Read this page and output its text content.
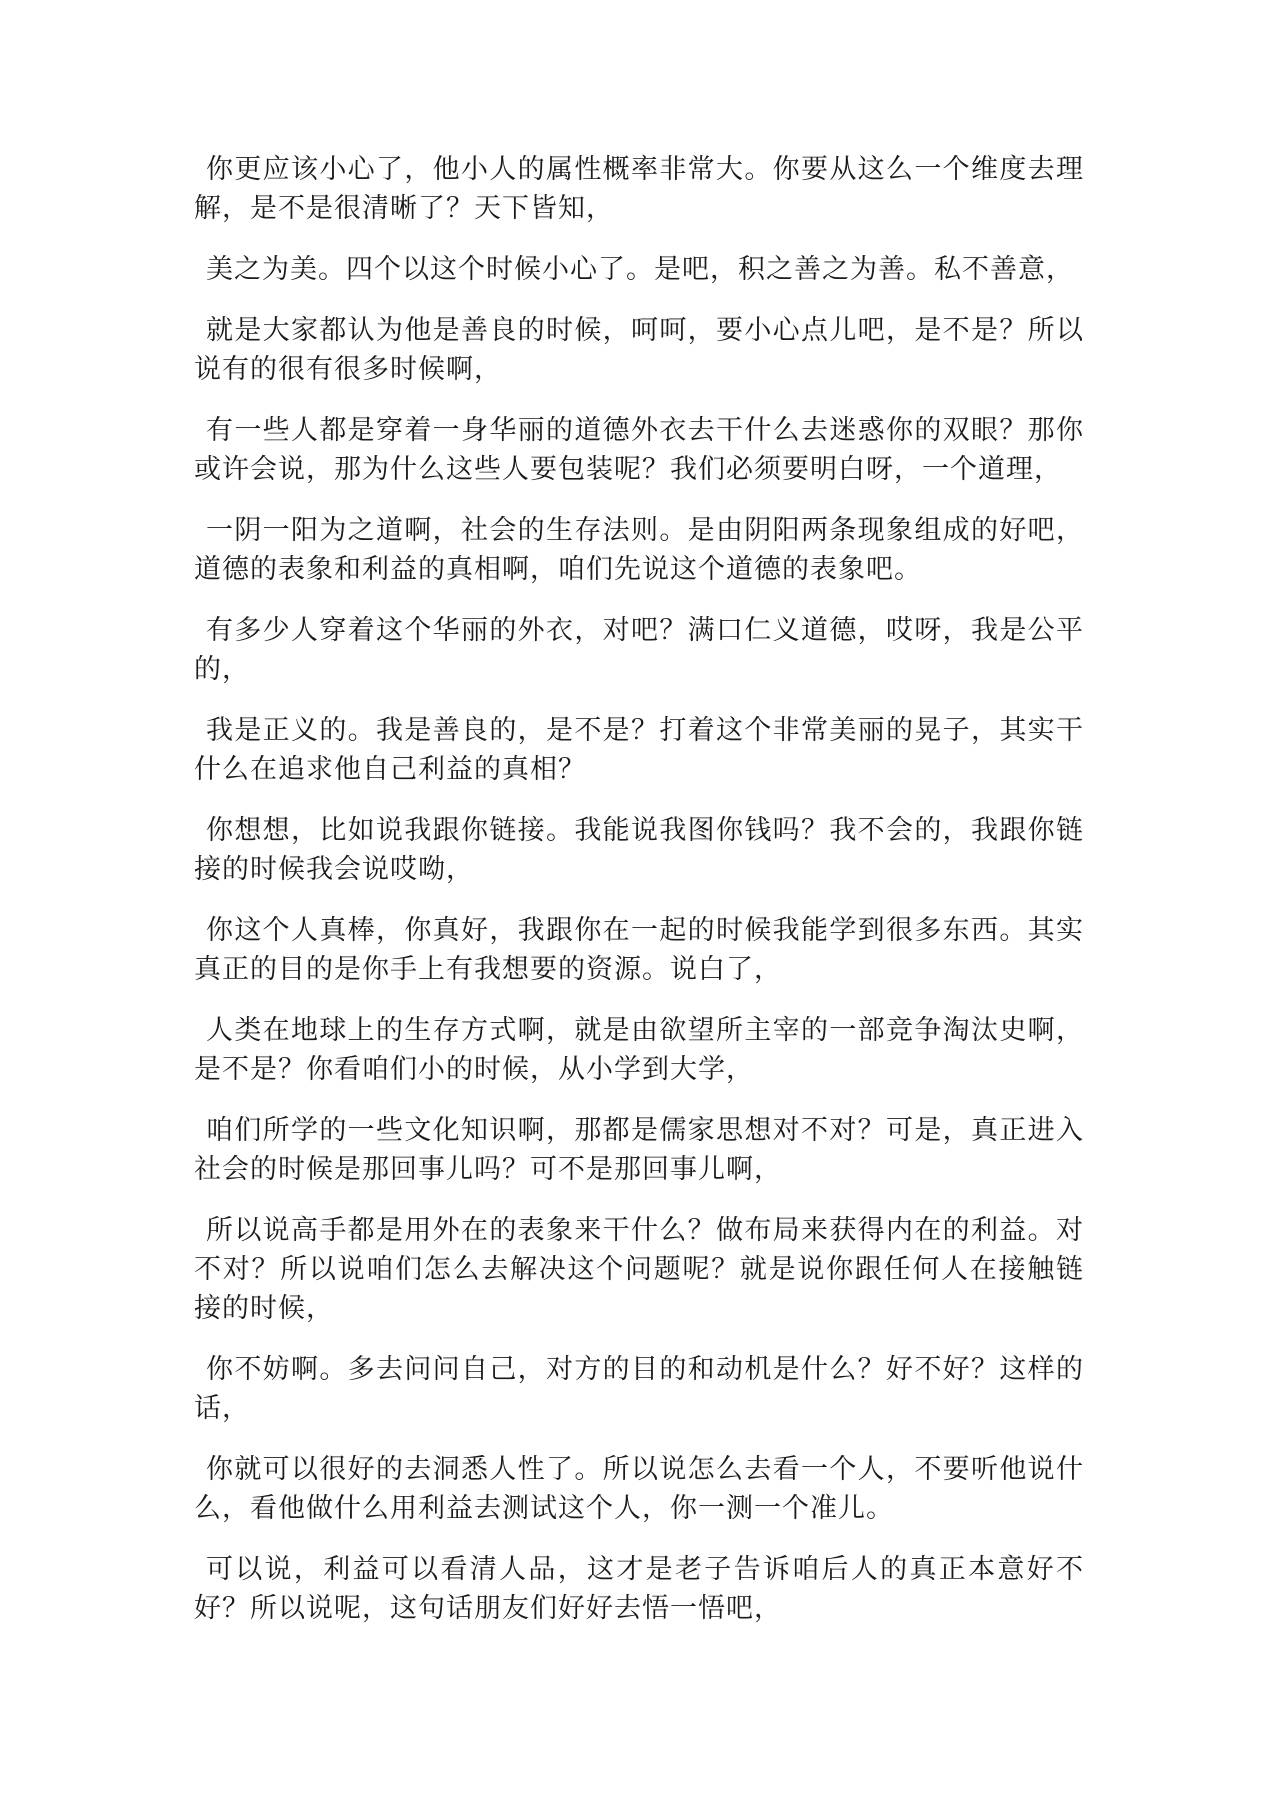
你更应该小心了，他小人的属性概率非常大。你要从这么一个维度去理解，是不是很清晰了？天下皆知，

美之为美。四个以这个时候小心了。是吧，积之善之为善。私不善意，

就是大家都认为他是善良的时候，呵呵，要小心点儿吧，是不是？所以说有的很有很多时候啊，

有一些人都是穿着一身华丽的道德外衣去干什么去迷惑你的双眼？那你或许会说，那为什么这些人要包装呢？我们必须要明白呀，一个道理，

一阴一阳为之道啊，社会的生存法则。是由阴阳两条现象组成的好吧，道德的表象和利益的真相啊，咱们先说这个道德的表象吧。

有多少人穿着这个华丽的外衣，对吧？满口仁义道德，哎呀，我是公平的，

我是正义的。我是善良的，是不是？打着这个非常美丽的晃子，其实干什么在追求他自己利益的真相？

你想想，比如说我跟你链接。我能说我图你钱吗？我不会的，我跟你链接的时候我会说哎呦，

你这个人真棒，你真好，我跟你在一起的时候我能学到很多东西。其实真正的目的是你手上有我想要的资源。说白了，

人类在地球上的生存方式啊，就是由欲望所主宰的一部竞争淘汰史啊，是不是？你看咱们小的时候，从小学到大学，

咱们所学的一些文化知识啊，那都是儒家思想对不对？可是，真正进入社会的时候是那回事儿吗？可不是那回事儿啊，

所以说高手都是用外在的表象来干什么？做布局来获得内在的利益。对不对？所以说咱们怎么去解决这个问题呢？就是说你跟任何人在接触链接的时候，

你不妨啊。多去问问自己，对方的目的和动机是什么？好不好？这样的话，

你就可以很好的去洞悉人性了。所以说怎么去看一个人，不要听他说什么，看他做什么用利益去测试这个人，你一测一个准儿。

可以说，利益可以看清人品，这才是老子告诉咱后人的真正本意好不好？所以说呢，这句话朋友们好好去悟一悟吧，
